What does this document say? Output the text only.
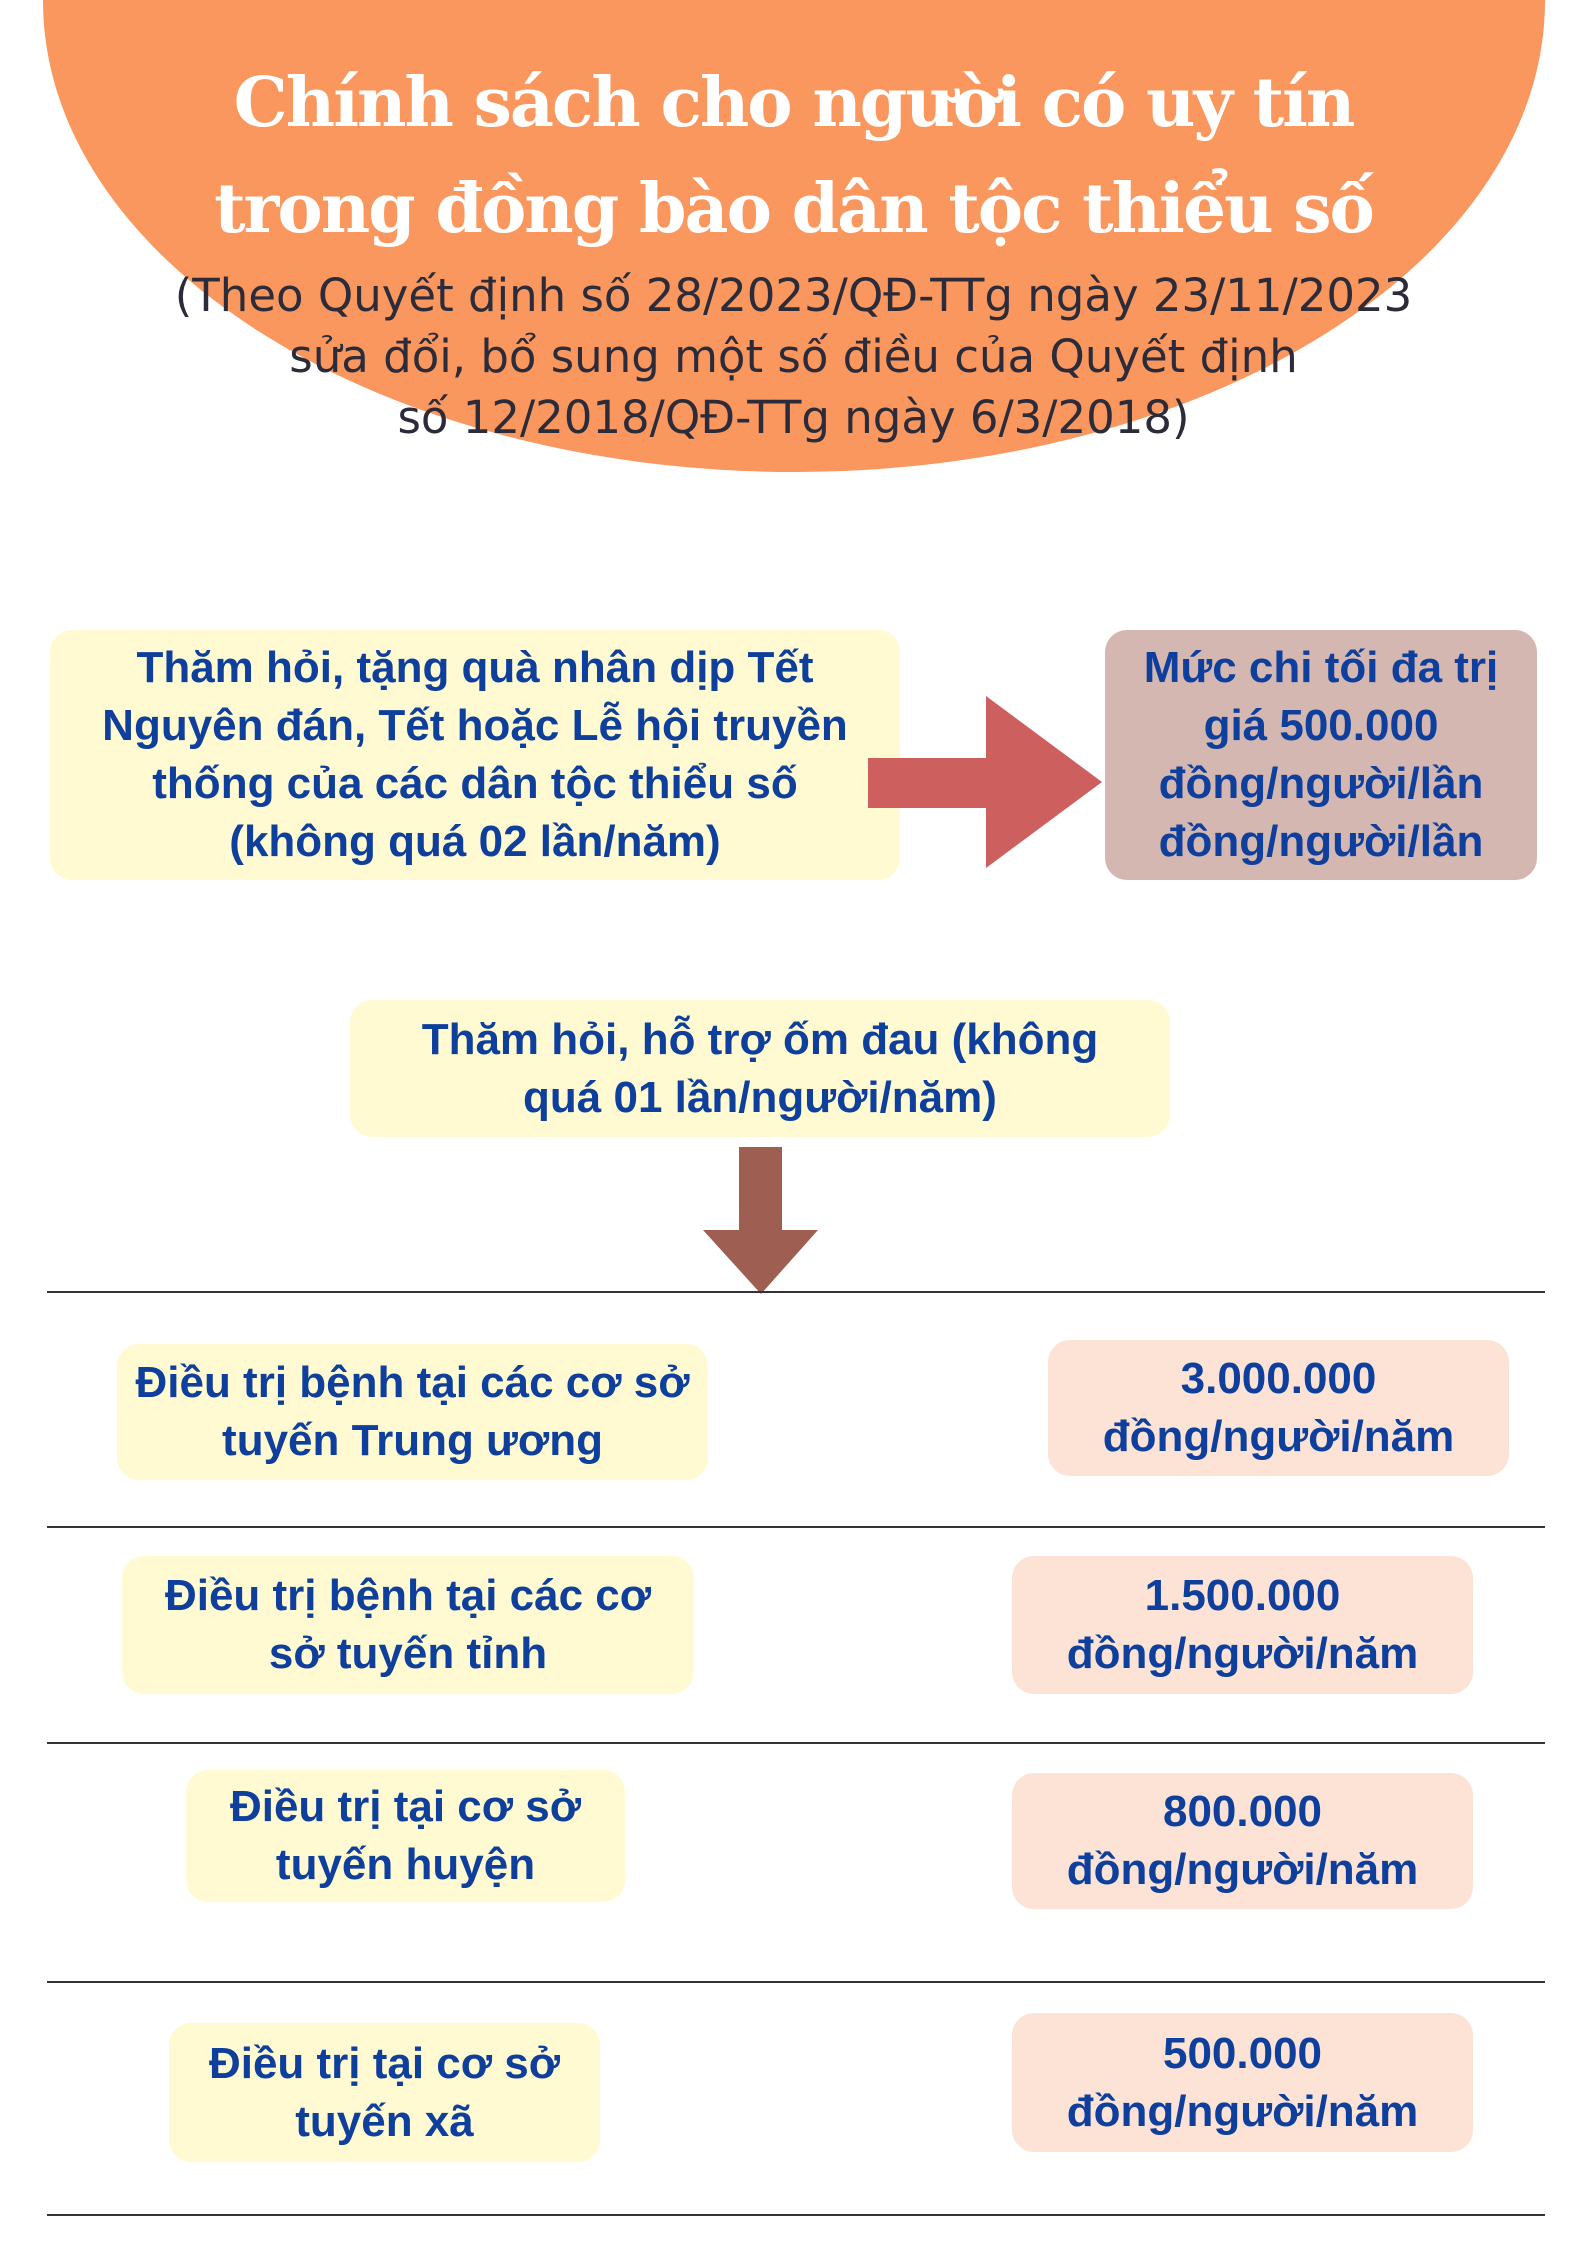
Chính sách cho người có uy tín
trong đồng bào dân tộc thiểu số
(Theo Quyết định số 28/2023/QĐ-TTg ngày 23/11/2023
sửa đổi, bổ sung một số điều của Quyết định
số 12/2018/QĐ-TTg ngày 6/3/2018)
Thăm hỏi, tặng quà nhân dịp Tết Nguyên đán, Tết hoặc Lễ hội truyền thống của các dân tộc thiểu số (không quá 02 lần/năm)
Mức chi tối đa trị giá 500.000 đồng/người/lần đồng/người/lần
Thăm hỏi, hỗ trợ ốm đau (không quá 01 lần/người/năm)
Điều trị bệnh tại các cơ sở tuyến Trung ương
3.000.000 đồng/người/năm
Điều trị bệnh tại các cơ sở tuyến tỉnh
1.500.000 đồng/người/năm
Điều trị tại cơ sở tuyến huyện
800.000 đồng/người/năm
Điều trị tại cơ sở tuyến xã
500.000 đồng/người/năm
